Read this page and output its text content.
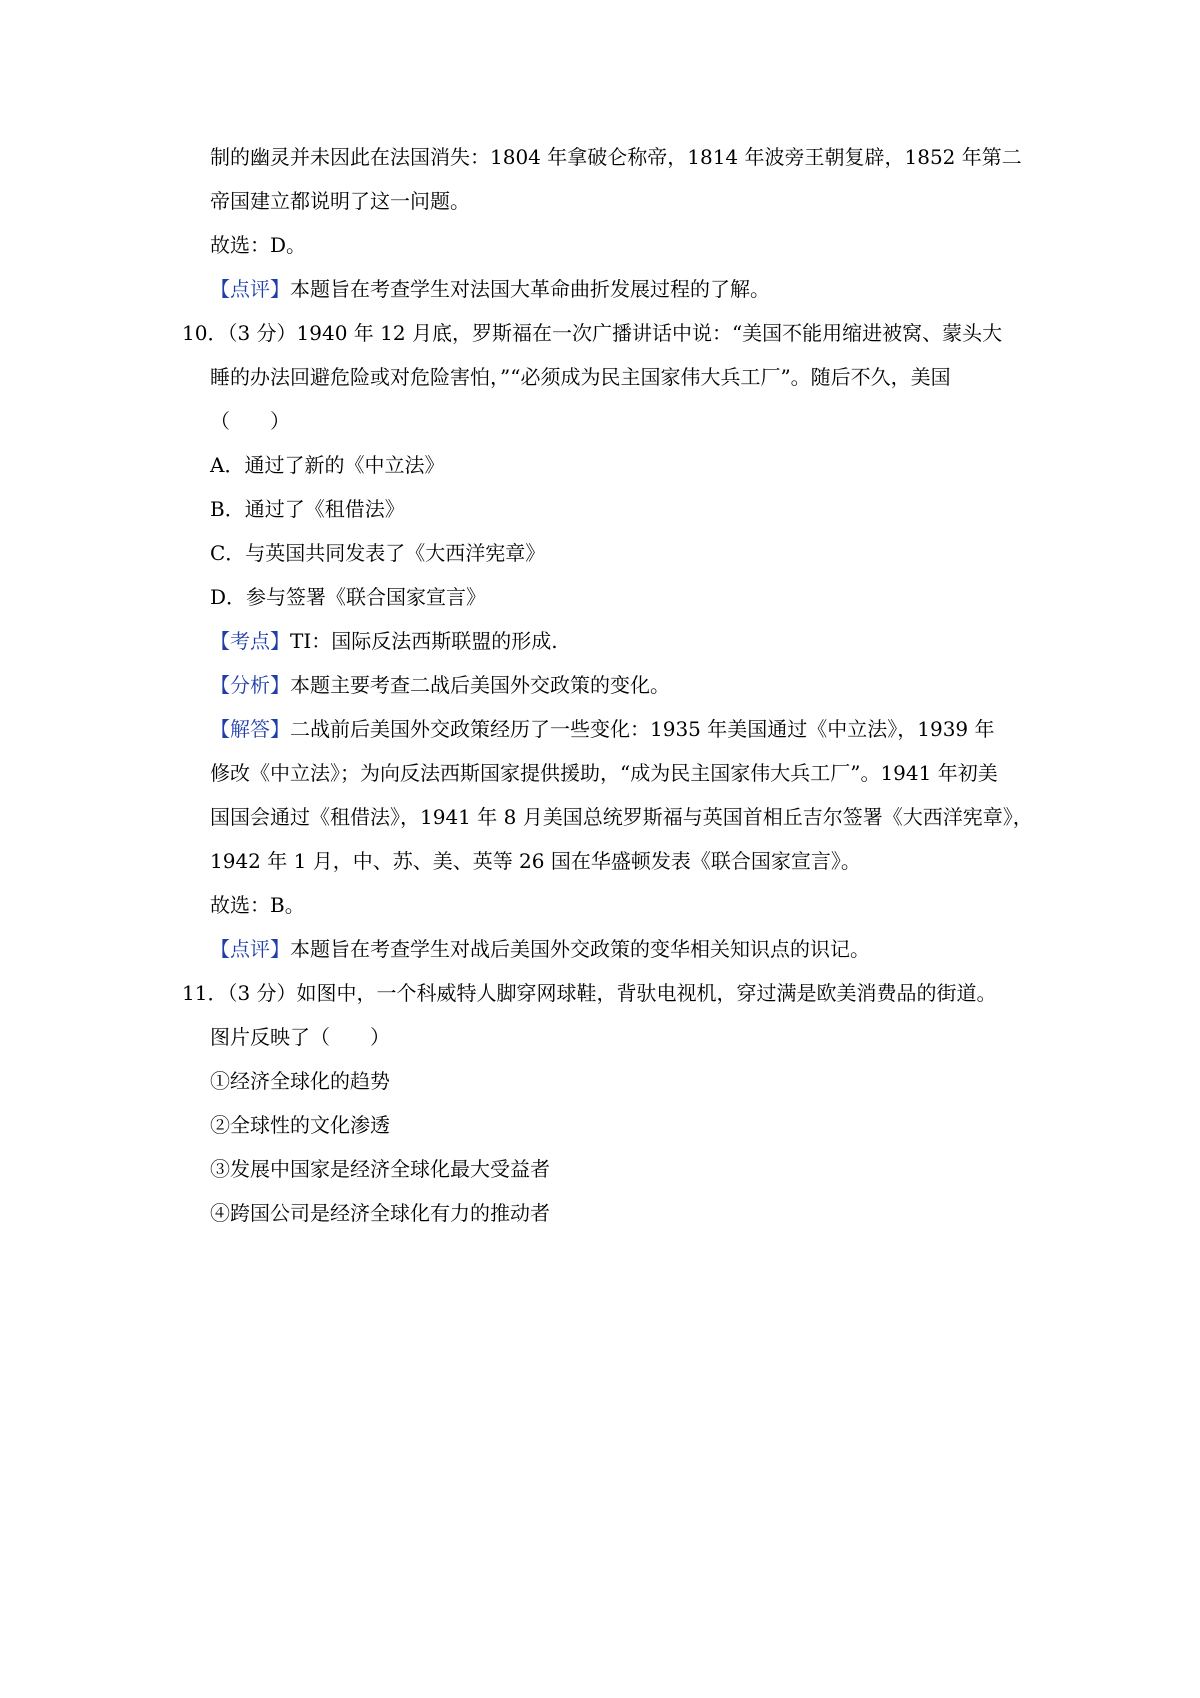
制的幽灵并未因此在法国消失：1804 年拿破仑称帝，1814 年波旁王朝复辟，1852 年第二
帝国建立都说明了这一问题。
故选：D。
【点评】本题旨在考查学生对法国大革命曲折发展过程的了解。
10．（3 分）1940 年 12 月底，罗斯福在一次广播讲话中说：“美国不能用缩进被窝、蒙头大
睡的办法回避危险或对危险害怕，”“必须成为民主国家伟大兵工厂”。随后不久，美国
（　　）
A．通过了新的《中立法》
B．通过了《租借法》
C．与英国共同发表了《大西洋宪章》
D．参与签署《联合国家宣言》
【考点】TI：国际反法西斯联盟的形成.
【分析】本题主要考查二战后美国外交政策的变化。
【解答】二战前后美国外交政策经历了一些变化：1935 年美国通过《中立法》，1939 年
修改《中立法》；为向反法西斯国家提供援助，“成为民主国家伟大兵工厂”。1941 年初美
国国会通过《租借法》，1941 年 8 月美国总统罗斯福与英国首相丘吉尔签署《大西洋宪章》，
1942 年 1 月，中、苏、美、英等 26 国在华盛顿发表《联合国家宣言》。
故选：B。
【点评】本题旨在考查学生对战后美国外交政策的变华相关知识点的识记。
11．（3 分）如图中，一个科威特人脚穿网球鞋，背驮电视机，穿过满是欧美消费品的街道。
图片反映了（　　）
①经济全球化的趋势
②全球性的文化渗透
③发展中国家是经济全球化最大受益者
④跨国公司是经济全球化有力的推动者
